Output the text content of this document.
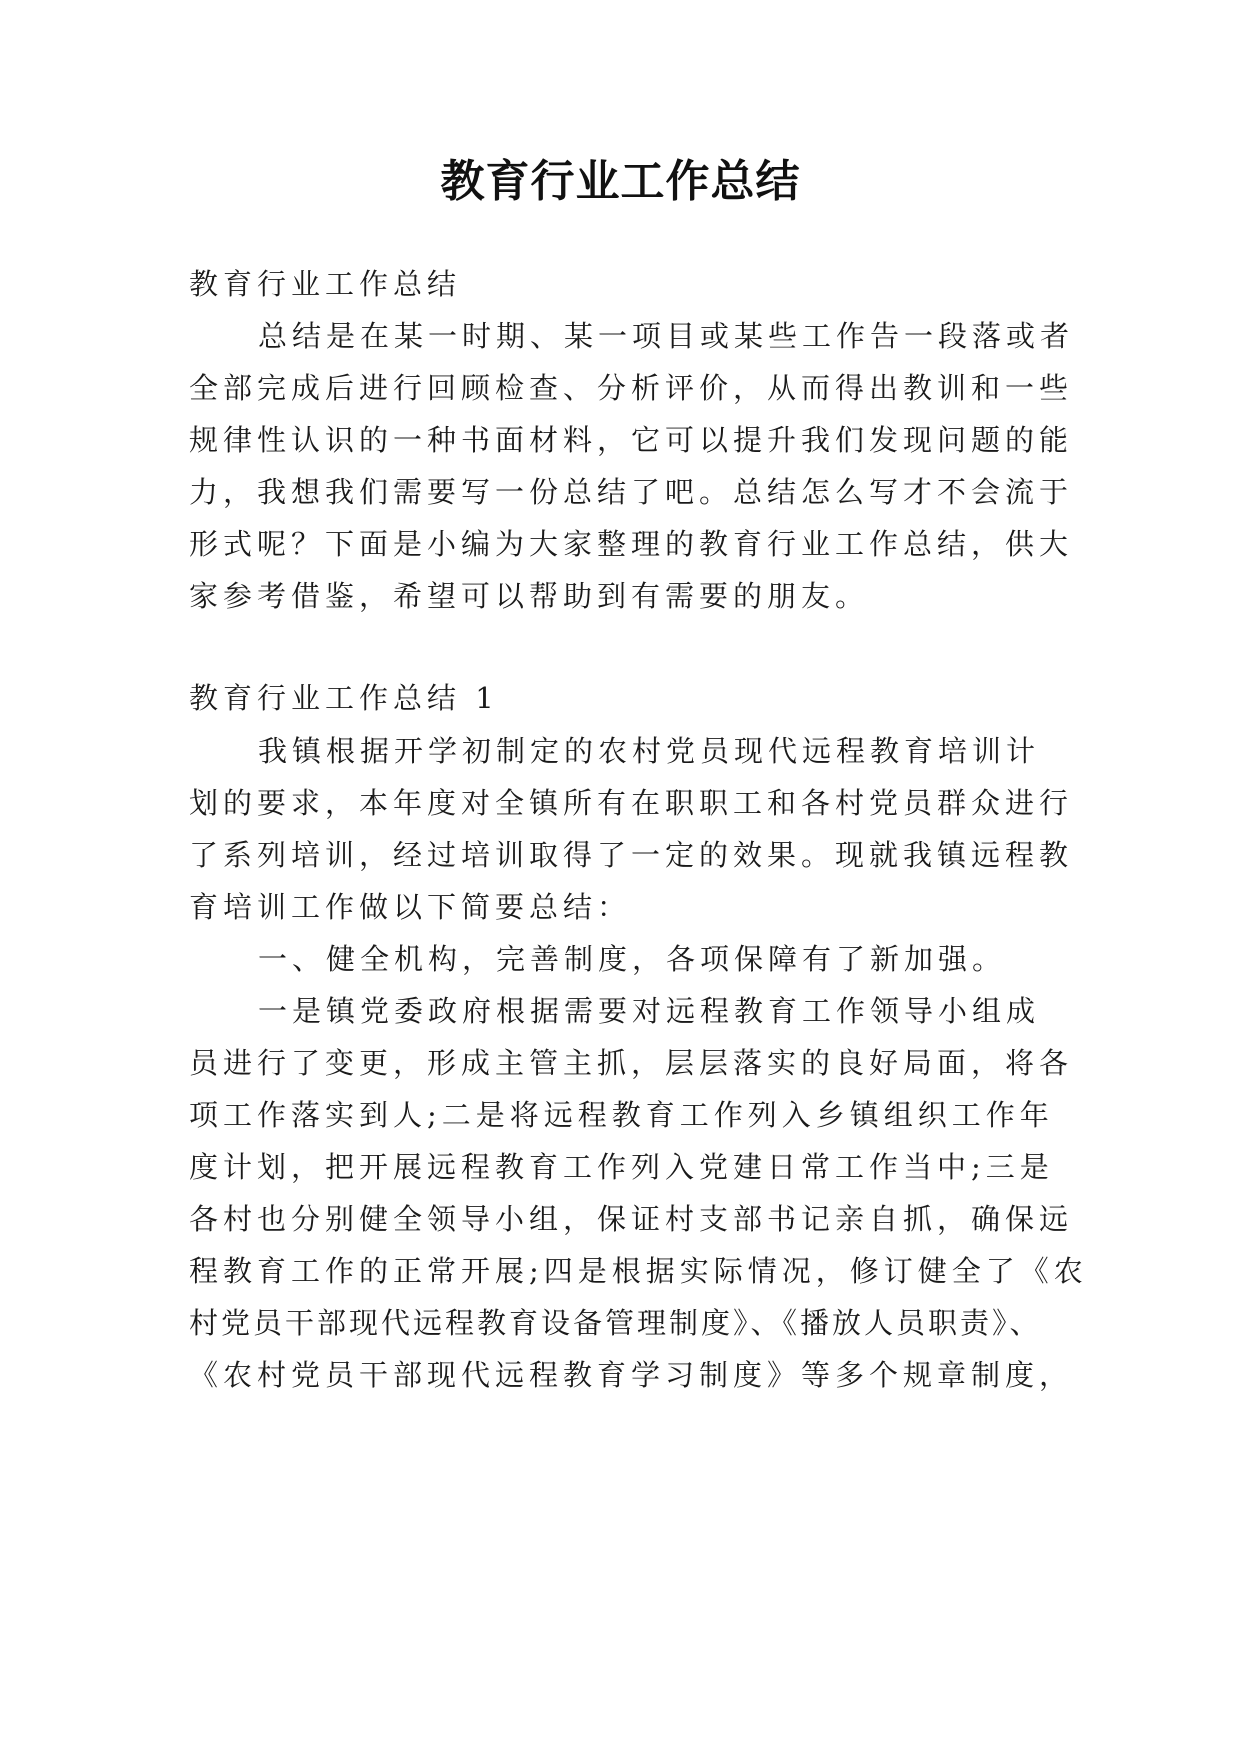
教育行业工作总结

教育行业工作总结

总结是在某一时期、某一项目或某些工作告一段落或者

全部完成后进行回顾检查、分析评价，从而得出教训和一些

规律性认识的一种书面材料，它可以提升我们发现问题的能

力，我想我们需要写一份总结了吧。总结怎么写才不会流于

形式呢？下面是小编为大家整理的教育行业工作总结，供大

家参考借鉴，希望可以帮助到有需要的朋友。

教育行业工作总结 1

我镇根据开学初制定的农村党员现代远程教育培训计

划的要求，本年度对全镇所有在职职工和各村党员群众进行

了系列培训，经过培训取得了一定的效果。现就我镇远程教

育培训工作做以下简要总结：

一、健全机构，完善制度，各项保障有了新加强。

一是镇党委政府根据需要对远程教育工作领导小组成

员进行了变更，形成主管主抓，层层落实的良好局面，将各

项工作落实到人;二是将远程教育工作列入乡镇组织工作年

度计划，把开展远程教育工作列入党建日常工作当中;三是

各村也分别健全领导小组，保证村支部书记亲自抓，确保远

程教育工作的正常开展;四是根据实际情况，修订健全了《农

村党员干部现代远程教育设备管理制度》、《播放人员职责》、

《农村党员干部现代远程教育学习制度》等多个规章制度，
